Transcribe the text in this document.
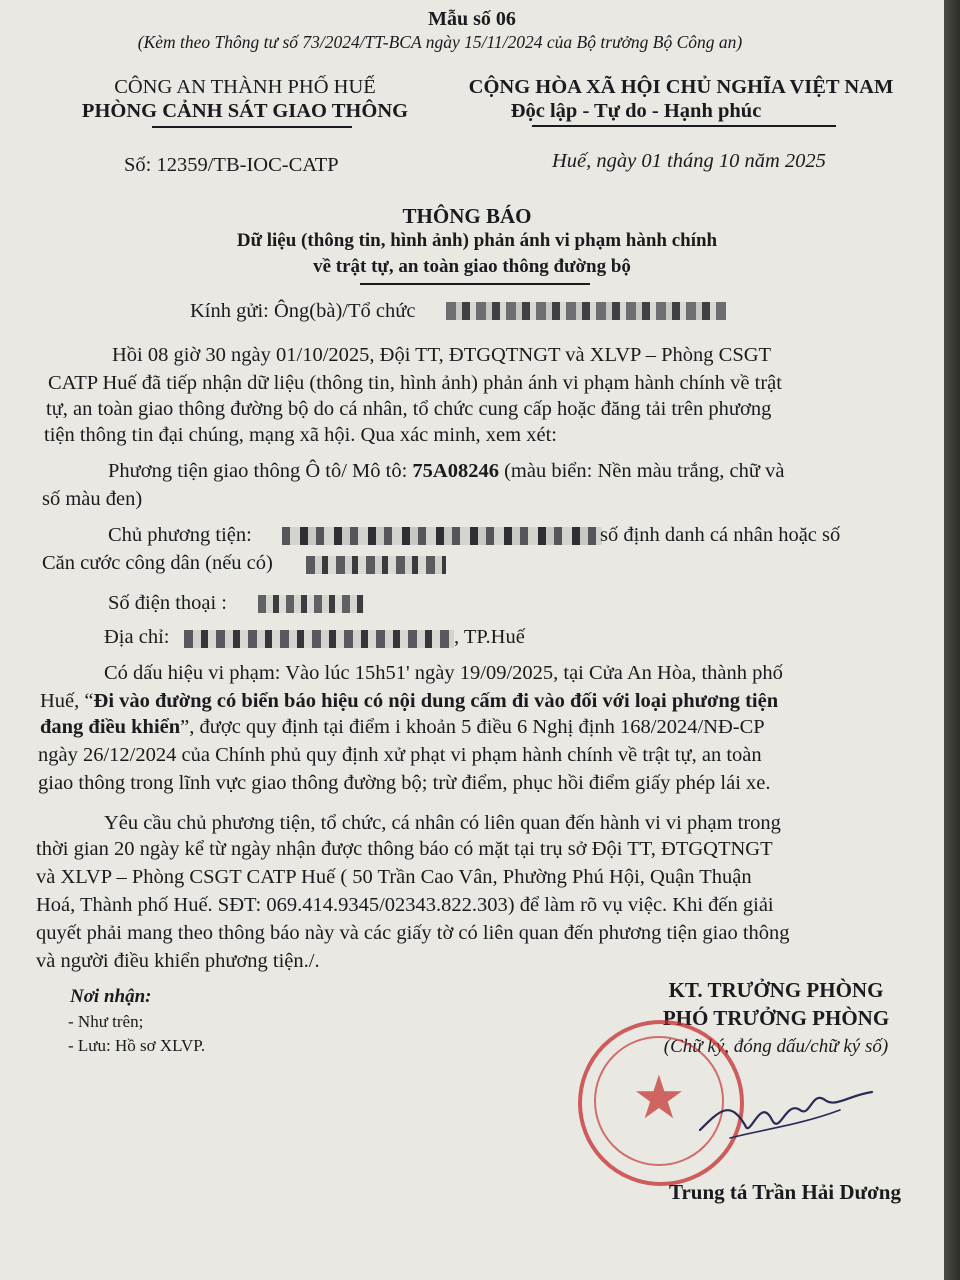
Mẫu số 06
(Kèm theo Thông tư số 73/2024/TT-BCA ngày 15/11/2024 của Bộ trưởng Bộ Công an)
CÔNG AN THÀNH PHỐ HUẾ
PHÒNG CẢNH SÁT GIAO THÔNG
CỘNG HÒA XÃ HỘI CHỦ NGHĨA VIỆT NAM
Độc lập - Tự do - Hạnh phúc
Số: 12359/TB-IOC-CATP	Huế, ngày 01 tháng 10 năm 2025
THÔNG BÁO
Dữ liệu (thông tin, hình ảnh) phản ánh vi phạm hành chính
về trật tự, an toàn giao thông đường bộ
Kính gửi: Ông(bà)/Tổ chức
Hồi 08 giờ 30 ngày 01/10/2025, Đội TT, ĐTGQTNGT và XLVP – Phòng CSGT
CATP Huế đã tiếp nhận dữ liệu (thông tin, hình ảnh) phản ánh vi phạm hành chính về trật
tự, an toàn giao thông đường bộ do cá nhân, tổ chức cung cấp hoặc đăng tải trên phương
tiện thông tin đại chúng, mạng xã hội. Qua xác minh, xem xét:
Phương tiện giao thông Ô tô/ Mô tô: 75A08246 (màu biển: Nền màu trắng, chữ và
số màu đen)
Chủ phương tiện:	số định danh cá nhân hoặc số
Căn cước công dân (nếu có)
Số điện thoại :
Địa chỉ:	, TP.Huế
Có dấu hiệu vi phạm: Vào lúc 15h51' ngày 19/09/2025, tại Cửa An Hòa, thành phố
Huế, “Đi vào đường có biển báo hiệu có nội dung cấm đi vào đối với loại phương tiện
đang điều khiển”, được quy định tại điểm i khoản 5 điều 6 Nghị định 168/2024/NĐ-CP
ngày 26/12/2024 của Chính phủ quy định xử phạt vi phạm hành chính về trật tự, an toàn
giao thông trong lĩnh vực giao thông đường bộ; trừ điểm, phục hồi điểm giấy phép lái xe.
Yêu cầu chủ phương tiện, tổ chức, cá nhân có liên quan đến hành vi vi phạm trong
thời gian 20 ngày kể từ ngày nhận được thông báo có mặt tại trụ sở Đội TT, ĐTGQTNGT
và XLVP – Phòng CSGT CATP Huế ( 50 Trần Cao Vân, Phường Phú Hội, Quận Thuận
Hoá, Thành phố Huế. SĐT: 069.414.9345/02343.822.303) để làm rõ vụ việc. Khi đến giải
quyết phải mang theo thông báo này và các giấy tờ có liên quan đến phương tiện giao thông
và người điều khiển phương tiện./.
Nơi nhận:
- Như trên;
- Lưu: Hồ sơ XLVP.
KT. TRƯỞNG PHÒNG
PHÓ TRƯỞNG PHÒNG
(Chữ ký, đóng dấu/chữ ký số)
★
Trung tá Trần Hải Dương
